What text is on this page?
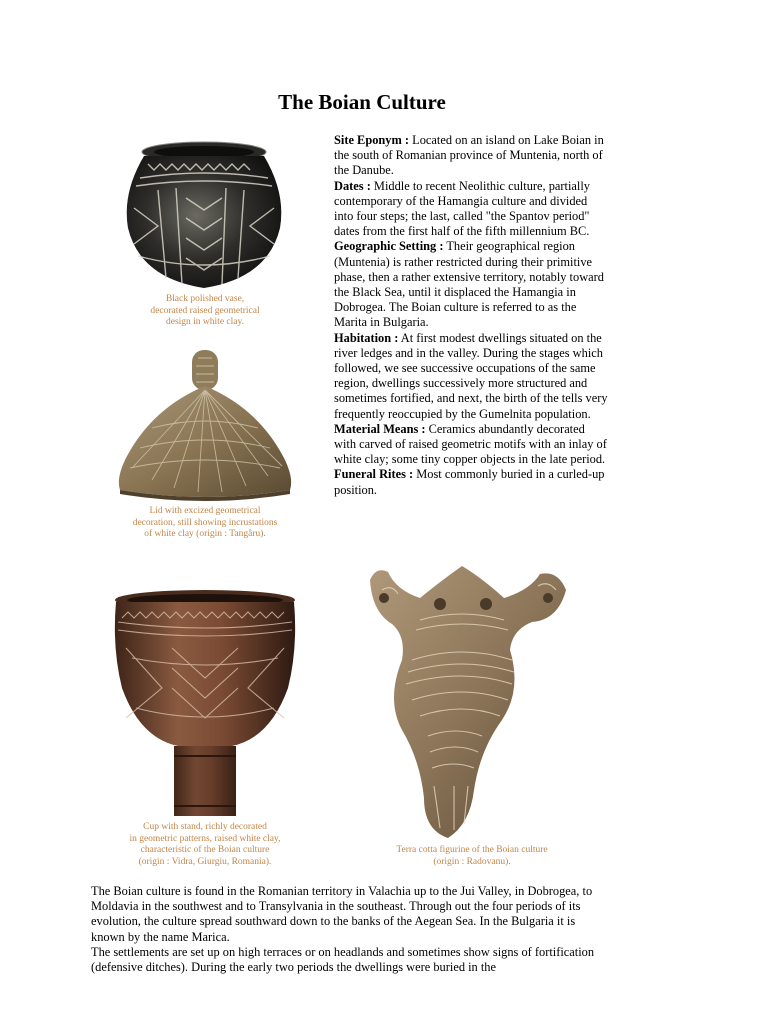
The Boian Culture
Black polished vase,
decorated raised geometrical
design in white clay.
Lid with excized geometrical
decoration, still showing incrustations
of white clay (origin : Tangâru).
Cup with stand, richly decorated
in geometric patterns, raised white clay,
characteristic of the Boian culture
(origin : Vidra, Giurgiu, Romania).
Terra cotta figurine of the Boian culture
(origin : Radovanu).

Site Eponym : Located on an island on Lake Boian in the south of Romanian province of Muntenia, north of the Danube.

Dates : Middle to recent Neolithic culture, partially contemporary of the Hamangia culture and divided into four steps; the last, called "the Spantov period" dates from the first half of the fifth millennium BC.

Geographic Setting : Their geographical region (Muntenia) is rather restricted during their primitive phase, then a rather extensive territory, notably toward the Black Sea, until it displaced the Hamangia in Dobrogea. The Boian culture is referred to as the Marita in Bulgaria.

Habitation : At first modest dwellings situated on the river ledges and in the valley. During the stages which followed, we see successive occupations of the same region, dwellings successively more structured and sometimes fortified, and next, the birth of the tells very frequently reoccupied by the Gumelnita population.

Material Means : Ceramics abundantly decorated with carved of raised geometric motifs with an inlay of white clay; some tiny copper objects in the late period.

Funeral Rites : Most commonly buried in a curled-up position.

The Boian culture is found in the Romanian territory in Valachia up to the Jui Valley, in Dobrogea, to Moldavia in the southwest and to Transylvania in the southeast. Through out the four periods of its evolution, the culture spread southward down to the banks of the Aegean Sea. In the Bulgaria it is known by the name Marica.

The settlements are set up on high terraces or on headlands and sometimes show signs of fortification (defensive ditches). During the early two periods the dwellings were buried in the
